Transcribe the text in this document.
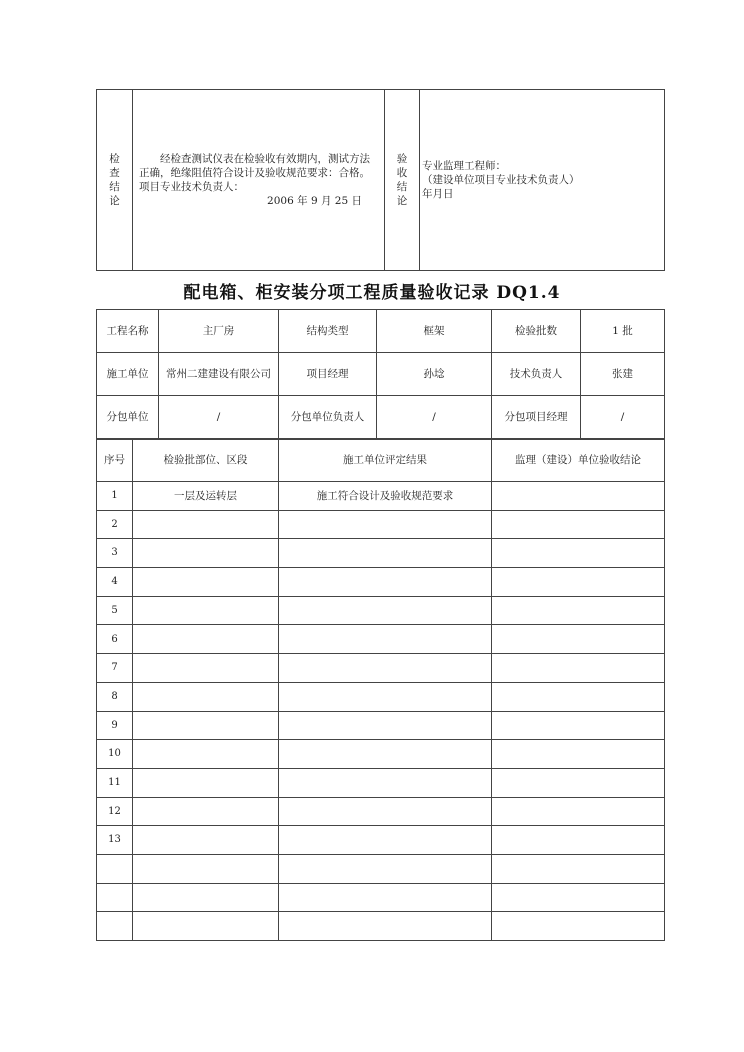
检
查
结
论

经检查测试仪表在检验收有效期内，测试方法正确，绝缘阻值符合设计及验收规范要求：合格。
项目专业技术负责人：
2006 年 9 月 25 日

验
收
结
论

专业监理工程师：
（建设单位项目专业技术负责人）
年月日
配电箱、柜安装分项工程质量验收记录 DQ1.4
工程名称	主厂房	结构类型	框架	检验批数	1 批
施工单位	常州二建建设有限公司	项目经理	孙埝	技术负责人	张建
分包单位	/	分包单位负责人	/	分包项目经理	/
序号	检验批部位、区段	施工单位评定结果	监理（建设）单位验收结论
1	一层及运转层	施工符合设计及验收规范要求	
2			
3			
4			
5			
6			
7			
8			
9			
10			
11			
12			
13			
